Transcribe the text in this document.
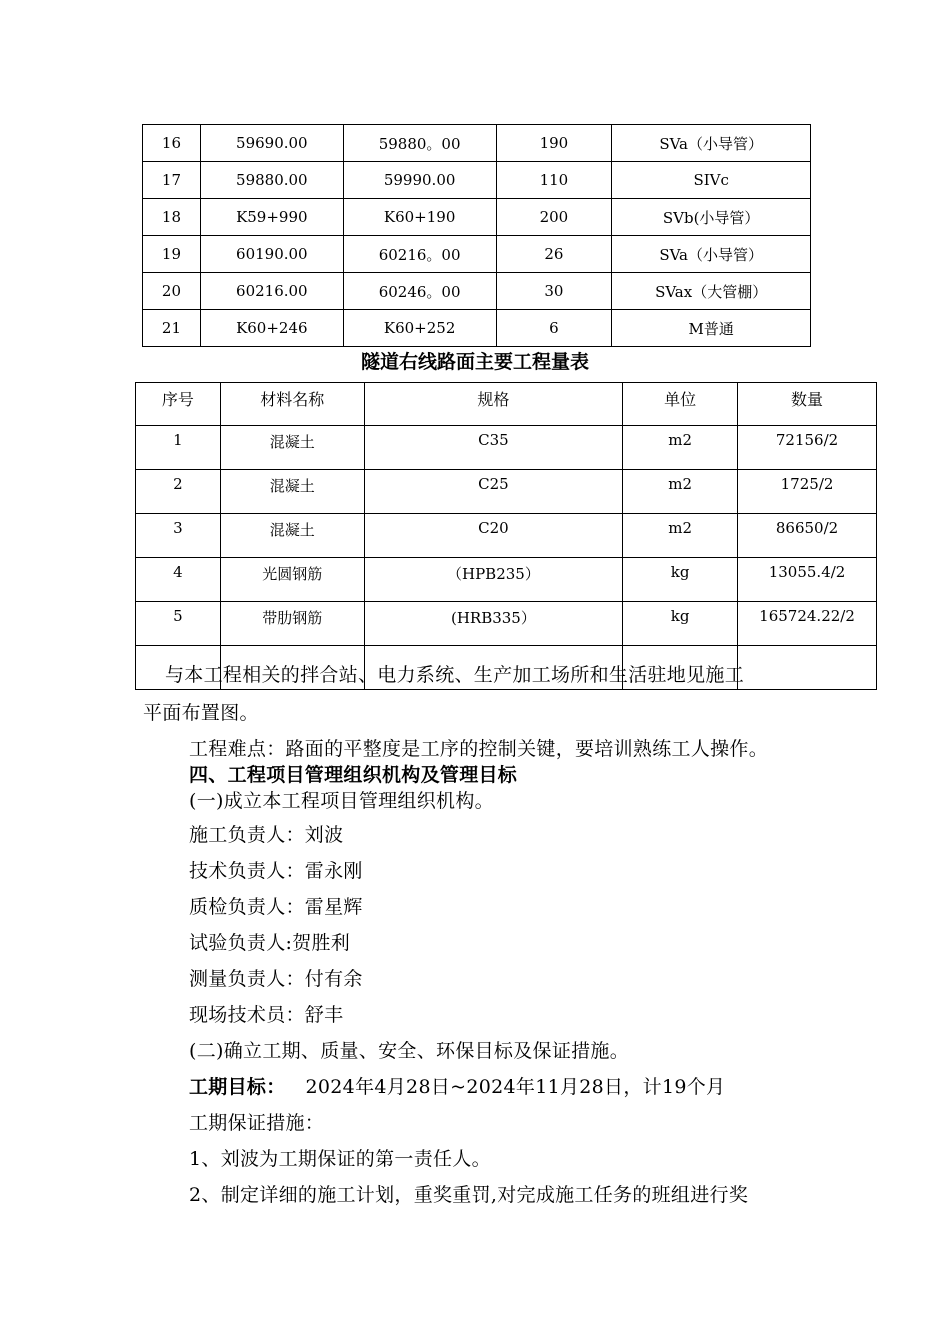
16	59690.00	59880。00	190	SVa（小导管）
17	59880.00	59990.00	110	SIVc
18	K59+990	K60+190	200	SVb(小导管）
19	60190.00	60216。00	26	SVa（小导管）
20	60216.00	60246。00	30	SVax（大管棚）
21	K60+246	K60+252	6	M普通
隧道右线路面主要工程量表
序号	材料名称	规格	单位	数量
1	混凝土	C35	m2	72156/2
2	混凝土	C25	m2	1725/2
3	混凝土	C20	m2	86650/2
4	光圆钢筋	（HPB235）	kg	13055.4/2
5	带肋钢筋	(HRB335）	kg	165724.22/2

与本工程相关的拌合站、电力系统、生产加工场所和生活驻地见施工
平面布置图。
工程难点：路面的平整度是工序的控制关键，要培训熟练工人操作。
四、工程项目管理组织机构及管理目标
(一)成立本工程项目管理组织机构。
施工负责人：刘波
技术负责人：雷永刚
质检负责人：雷星辉
试验负责人:贺胜利
测量负责人：付有余
现场技术员：舒丰
(二)确立工期、质量、安全、环保目标及保证措施。
工期目标： 2024年4月28日~2024年11月28日，计19个月
工期保证措施：
1、刘波为工期保证的第一责任人。
2、制定详细的施工计划，重奖重罚,对完成施工任务的班组进行奖
